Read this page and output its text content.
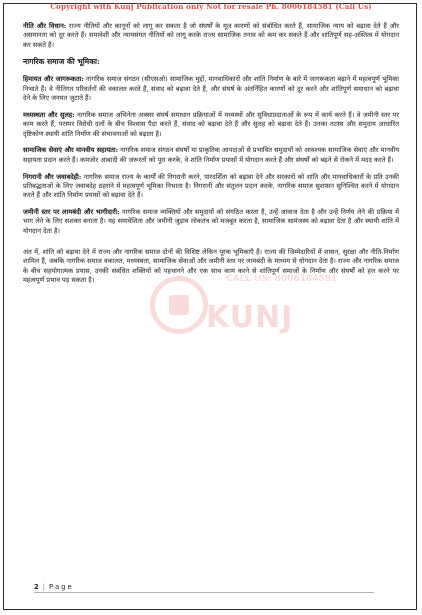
Copyright with Kunj Publication only Not for resale Ph. 8006184581 (Call Us)
CALL US: 8006184581
KUNJ

नीति और विधान: राज्य नीतियों और कानूनों को लागू कर सकता है जो संघर्षों के मूल कारणों को संबोधित करते हैं, सामाजिक न्याय को बढ़ावा देते हैं और असमानता को दूर करते हैं। समावेशी और न्यायसंगत नीतियों को लागू करके राज्य सामाजिक तनाव को कम कर सकते हैं और शांतिपूर्ण सह-अस्तित्व में योगदान कर सकते हैं।

नागरिक समाज की भूमिका:

हिमायत और जागरूकता: नागरिक समाज संगठन (सीएसओ) सामाजिक मुद्दों, मानवाधिकारों और शांति निर्माण के बारे में जागरूकता बढ़ाने में महत्वपूर्ण भूमिका निभाते हैं। वे नीतिगत परिवर्तनों की वकालत करते हैं, संवाद को बढ़ावा देते हैं, और संघर्ष के अंतर्निहित कारणों को दूर करने और शांतिपूर्ण समाधान को बढ़ावा देने के लिए जनमत जुटाते हैं।

मध्यस्थता और सुलह: नागरिक समाज अभिनेता अक्सर संघर्ष समाधान प्रक्रियाओं में मध्यस्थों और सुविधाप्रदाताओं के रूप में कार्य करते हैं। वे जमीनी स्तर पर काम करते हैं, परस्पर विरोधी दलों के बीच विश्वास पैदा करते हैं, संवाद को बढ़ावा देते हैं और सुलह को बढ़ावा देते हैं। उनका तटस्थ और समुदाय आधारित दृष्टिकोण स्थायी शांति निर्माण की संभावनाओं को बढ़ाता है।

सामाजिक सेवाएं और मानवीय सहायता: नागरिक समाज संगठन संघर्षों या प्राकृतिक आपदाओं से प्रभावित समुदायों को आवश्यक सामाजिक सेवाएं और मानवीय सहायता प्रदान करते हैं। कमजोर आबादी की जरूरतों को पूरा करके, वे शांति निर्माण प्रयासों में योगदान करते हैं और संघर्षों को बढ़ने से रोकने में मदद करते हैं।

निगरानी और जवाबदेही: नागरिक समाज राज्य के कार्यों की निगरानी करने, पारदर्शिता को बढ़ावा देने और सरकारों को शांति और मानवाधिकारों के प्रति उनकी प्रतिबद्धताओं के लिए जवाबदेह ठहराने में महत्वपूर्ण भूमिका निभाता है। निगरानी और संतुलन प्रदान करके, नागरिक समाज सुशासन सुनिश्चित करने में योगदान करते हैं और शांति निर्माण प्रयासों को बढ़ावा देते हैं।

जमीनी स्तर पर लामबंदी और भागीदारी: नागरिक समाज व्यक्तियों और समुदायों को संगठित करता है, उन्हें आवाज देता है और उन्हें निर्णय लेने की प्रक्रिया में भाग लेने के लिए सशक्त बनाता है। यह समावेशिता और जमीनी जुड़ाव लोकतंत्र को मजबूत करता है, सामाजिक सामंजस्य को बढ़ावा देता है और स्थायी शांति में योगदान देता है।

अंत में, शांति को बढ़ावा देने में राज्य और नागरिक समाज दोनों की विशिष्ट लेकिन पूरक भूमिकाएँ हैं। राज्य की जिम्मेदारियों में शासन, सुरक्षा और नीति-निर्माण शामिल हैं, जबकि नागरिक समाज वकालत, मध्यस्थता, सामाजिक सेवाओं और जमीनी स्तर पर लामबंदी के माध्यम से योगदान देता है। राज्य और नागरिक समाज के बीच सहयोगात्मक प्रयास, उनकी संबंधित शक्तियों को पहचानने और एक साथ काम करने से शांतिपूर्ण समाजों के निर्माण और संघर्षों को हल करने पर महत्वपूर्ण प्रभाव पड़ सकता है।

2 | P a g e
